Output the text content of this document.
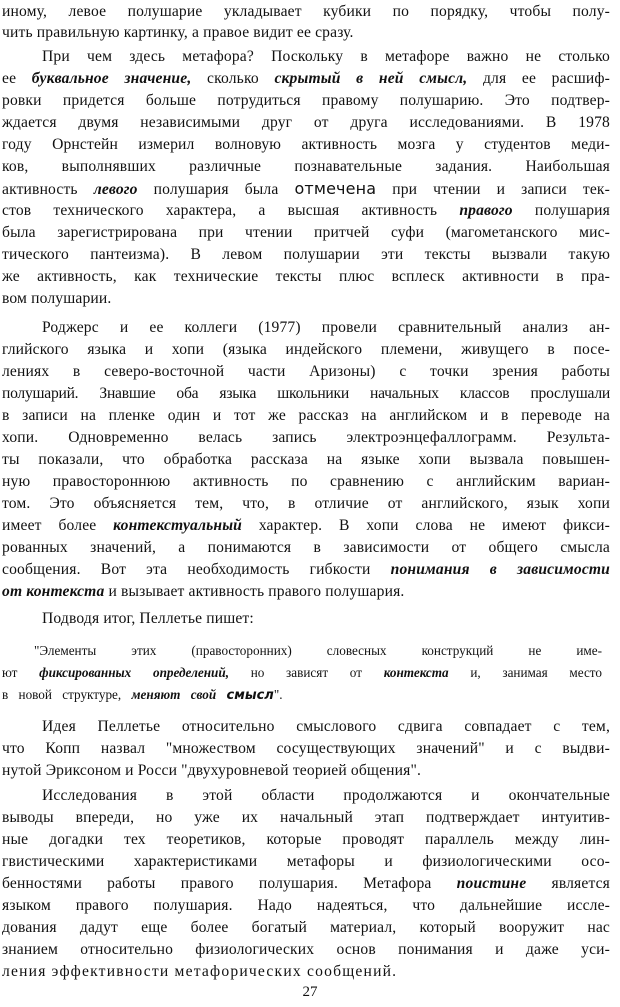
иному, левое полушарие укладывает кубики по порядку, чтобы полу-
чить правильную картинку, а правое видит ее сразу.
При чем здесь метафора? Поскольку в метафоре важно не столько
ее буквальное значение, сколько скрытый в ней смысл, для ее расшиф-
ровки придется больше потрудиться правому полушарию. Это подтвер-
ждается двумя независимыми друг от друга исследованиями. В 1978
году Орнстейн измерил волновую активность мозга у студентов меди-
ков, выполнявших различные познавательные задания. Наибольшая
активность левого полушария была отмечена при чтении и записи тек-
стов технического характера, а высшая активность правого полушария
была зарегистрирована при чтении притчей суфи (магометанского мис-
тического пантеизма). В левом полушарии эти тексты вызвали такую
же активность, как технические тексты плюс всплеск активности в пра-
вом полушарии.
Роджерс и ее коллеги (1977) провели сравнительный анализ ан-
глийского языка и хопи (языка индейского племени, живущего в посе-
лениях в северо-восточной части Аризоны) с точки зрения работы
полушарий. Знавшие оба языка школьники начальных классов прослушали
в записи на пленке один и тот же рассказ на английском и в переводе на
хопи. Одновременно велась запись электроэнцефаллограмм. Результа-
ты показали, что обработка рассказа на языке хопи вызвала повышен-
ную правостороннюю активность по сравнению с английским вариан-
том. Это объясняется тем, что, в отличие от английского, язык хопи
имеет более контекстуальный характер. В хопи слова не имеют фикси-
рованных значений, а понимаются в зависимости от общего смысла
сообщения. Вот эта необходимость гибкости понимания в зависимости
от контекста и вызывает активность правого полушария.
Подводя итог, Пеллетье пишет:
"Элементы этих (правосторонних) словесных конструкций не име-
ют фиксированных определений, но зависят от контекста и, занимая место
в новой структуре, меняют свой смысл".
Идея Пеллетье относительно смыслового сдвига совпадает с тем,
что Копп назвал "множеством сосуществующих значений" и с выдви-
нутой Эриксоном и Росси "двухуровневой теорией общения".
Исследования в этой области продолжаются и окончательные
выводы впереди, но уже их начальный этап подтверждает интуитив-
ные догадки тех теоретиков, которые проводят параллель между лин-
гвистическими характеристиками метафоры и физиологическими осо-
бенностями работы правого полушария. Метафора поистине является
языком правого полушария. Надо надеяться, что дальнейшие иссле-
дования дадут еще более богатый материал, который вооружит нас
знанием относительно физиологических основ понимания и даже уси-
ления эффективности метафорических сообщений.
27
